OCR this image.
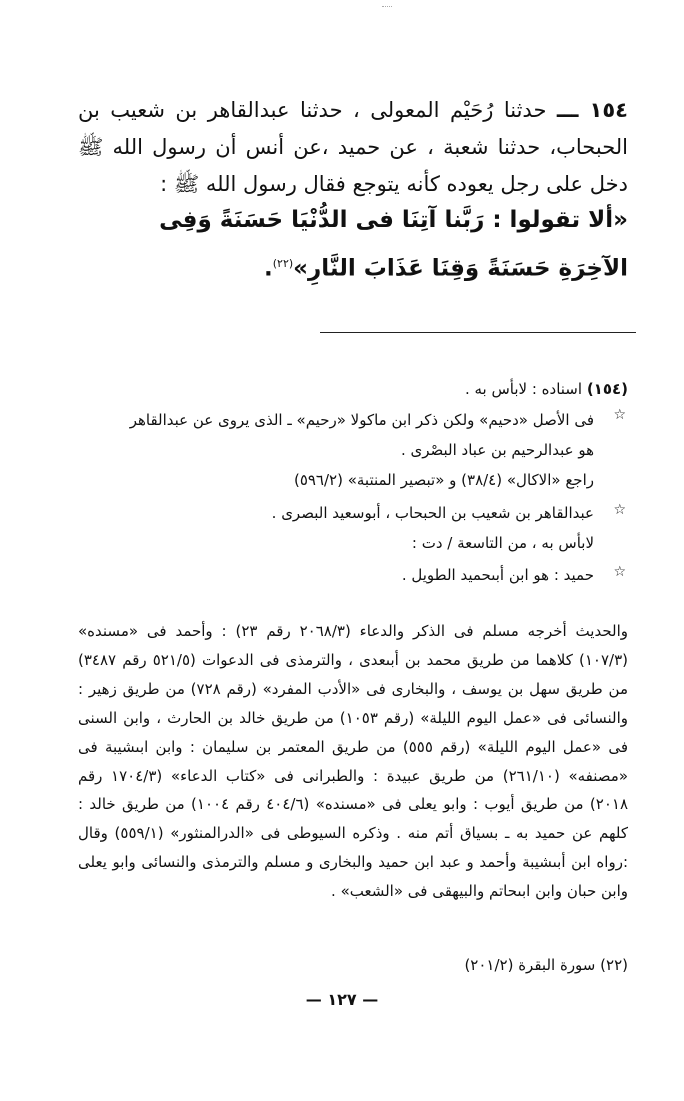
١٥٤ ـــ حدثنا رُحَيْم المعولى ، حدثنا عبدالقاهر بن شعيب بن الحبحاب، حدثنا شعبة ، عن حميد ،عن أنس أن رسول الله ﷺ دخل على رجل يعوده كأنه يتوجع فقال رسول الله ﷺ :
«ألا تقولوا : رَبَّنا آتِنَا فى الدُّنْيَا حَسَنَةً وَفِى الآخِرَةِ حَسَنَةً وَقِنَا عَذَابَ النَّارِ»$^{(٢٢)}$.
(١٥٤) اسناده : لابأس به .
☆
فى الأصل «دحيم» ولكن ذكر ابن ماكولا «رحيم» ـ الذى يروى عن عبدالقاهر
هو عبدالرحيم بن عباد البصْرى .
راجع «الاكال» (٣٨/٤) و «تبصير المنتبة» (٥٩٦/٢)
☆
عبدالقاهر بن شعيب بن الحبحاب ، أبوسعيد البصرى .
لابأس به ، من التاسعة / دت :
☆
حميد : هو ابن أبىحميد الطويل .
والحديث أخرجه مسلم فى الذكر والدعاء (٢٠٦٨/٣ رقم ٢٣) : وأحمد فى «مسنده» (١٠٧/٣) كلاهما من طريق محمد بن أبىعدى ، والترمذى فى الدعوات (٥٢١/٥ رقم ٣٤٨٧) من طريق سهل بن يوسف ، والبخارى فى «الأدب المفرد» (رقم ٧٢٨) من طريق زهير : والنسائى فى «عمل اليوم الليلة» (رقم ١٠٥٣) من طريق خالد بن الحارث ، وابن السنى فى «عمل اليوم الليلة» (رقم ٥٥٥) من طريق المعتمر بن سليمان : وابن ابىشيبة فى «مصنفه» (٢٦١/١٠) من طريق عبيدة : والطبرانى فى «كتاب الدعاء» (١٧٠٤/٣ رقم ٢٠١٨) من طريق أيوب : وابو يعلى فى «مسنده» (٤٠٤/٦ رقم ١٠٠٤) من طريق خالد : كلهم عن حميد به ـ بسياق أتم منه . وذكره السيوطى فى «الدرالمنثور» (٥٥٩/١) وقال :رواه ابن أبىشيبة وأحمد و عبد ابن حميد والبخارى و مسلم والترمذى والنسائى وابو يعلى وابن حبان وابن ابىحاتم والبيهقى فى «الشعب» .
(٢٢) سورة البقرة (٢٠١/٢)
— ١٢٧ —
